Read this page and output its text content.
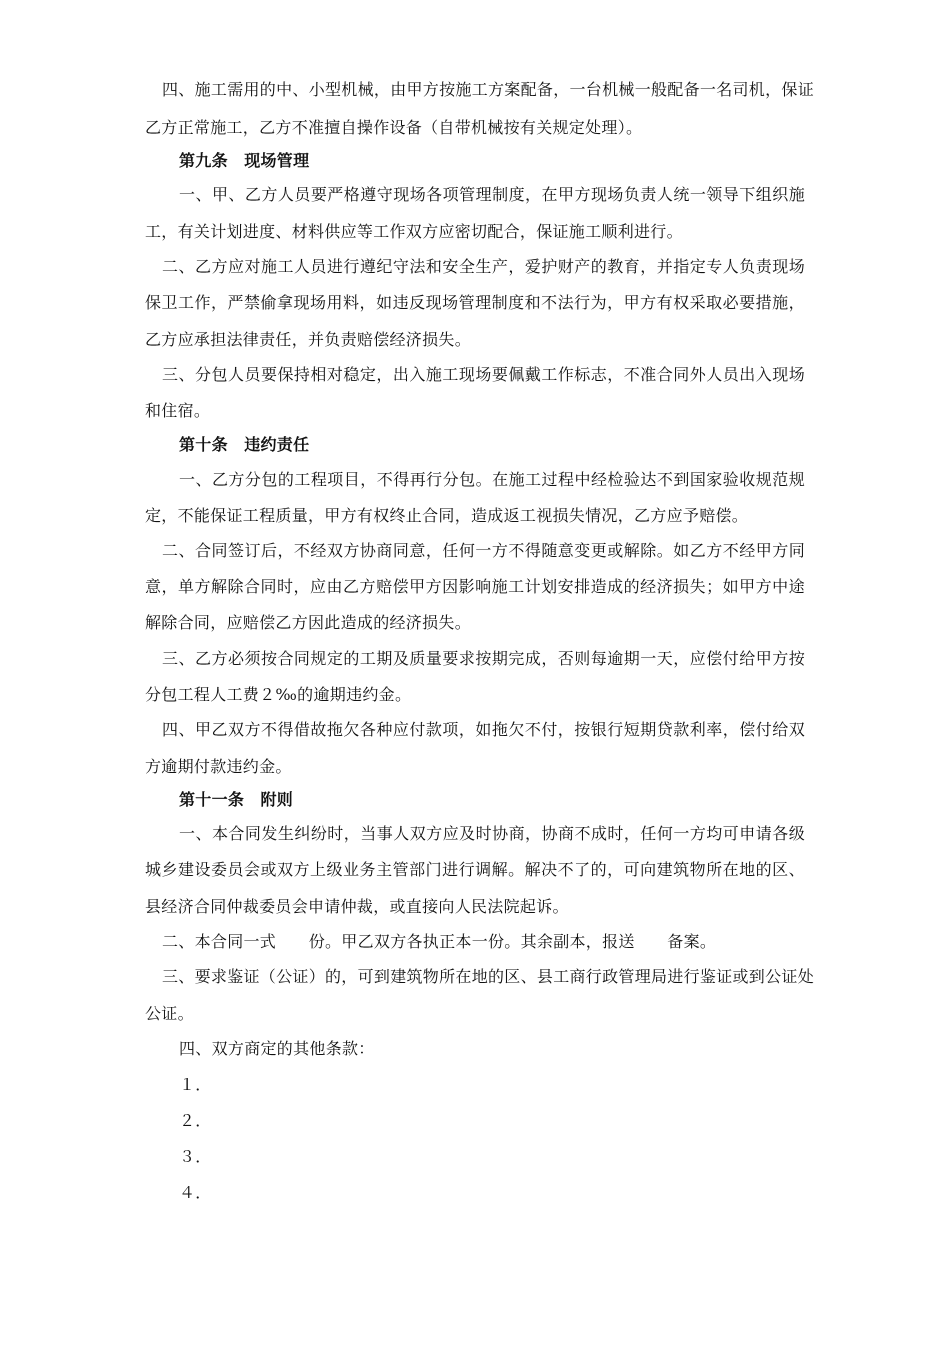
四、施工需用的中、小型机械，由甲方按施工方案配备，一台机械一般配备一名司机，保证
乙方正常施工，乙方不准擅自操作设备（自带机械按有关规定处理）。
第九条　现场管理
一、甲、乙方人员要严格遵守现场各项管理制度，在甲方现场负责人统一领导下组织施
工，有关计划进度、材料供应等工作双方应密切配合，保证施工顺利进行。
二、乙方应对施工人员进行遵纪守法和安全生产，爱护财产的教育，并指定专人负责现场
保卫工作，严禁偷拿现场用料，如违反现场管理制度和不法行为，甲方有权采取必要措施，
乙方应承担法律责任，并负责赔偿经济损失。
三、分包人员要保持相对稳定，出入施工现场要佩戴工作标志，不准合同外人员出入现场
和住宿。
第十条　违约责任
一、乙方分包的工程项目，不得再行分包。在施工过程中经检验达不到国家验收规范规
定，不能保证工程质量，甲方有权终止合同，造成返工视损失情况，乙方应予赔偿。
二、合同签订后，不经双方协商同意，任何一方不得随意变更或解除。如乙方不经甲方同
意，单方解除合同时，应由乙方赔偿甲方因影响施工计划安排造成的经济损失；如甲方中途
解除合同，应赔偿乙方因此造成的经济损失。
三、乙方必须按合同规定的工期及质量要求按期完成，否则每逾期一天，应偿付给甲方按
分包工程人工费２‰的逾期违约金。
四、甲乙双方不得借故拖欠各种应付款项，如拖欠不付，按银行短期贷款利率，偿付给双
方逾期付款违约金。
第十一条　附则
一、本合同发生纠纷时，当事人双方应及时协商，协商不成时，任何一方均可申请各级
城乡建设委员会或双方上级业务主管部门进行调解。解决不了的，可向建筑物所在地的区、
县经济合同仲裁委员会申请仲裁，或直接向人民法院起诉。
二、本合同一式　　份。甲乙双方各执正本一份。其余副本，报送　　备案。
三、要求鉴证（公证）的，可到建筑物所在地的区、县工商行政管理局进行鉴证或到公证处
公证。
四、双方商定的其他条款：
１．
２．
３．
４．
